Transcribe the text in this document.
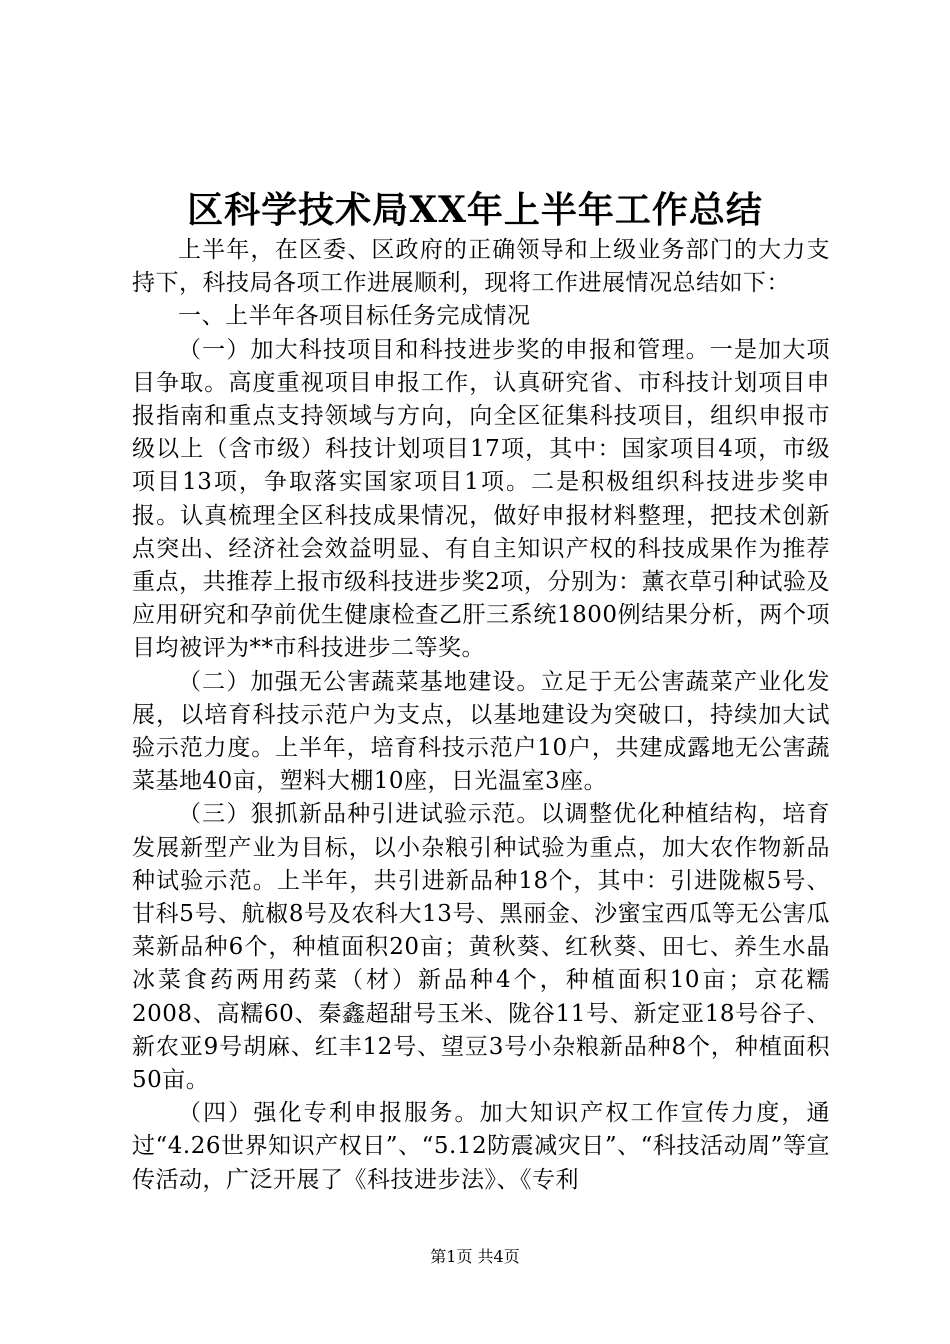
区科学技术局XX年上半年工作总结

上半年，在区委、区政府的正确领导和上级业务部门的大力支持下，科技局各项工作进展顺利，现将工作进展情况总结如下：

一、上半年各项目标任务完成情况

（一）加大科技项目和科技进步奖的申报和管理。一是加大项目争取。高度重视项目申报工作，认真研究省、市科技计划项目申报指南和重点支持领域与方向，向全区征集科技项目，组织申报市级以上（含市级）科技计划项目17项，其中：国家项目4项，市级项目13项，争取落实国家项目1项。二是积极组织科技进步奖申报。认真梳理全区科技成果情况，做好申报材料整理，把技术创新点突出、经济社会效益明显、有自主知识产权的科技成果作为推荐重点，共推荐上报市级科技进步奖2项，分别为：薰衣草引种试验及应用研究和孕前优生健康检查乙肝三系统1800例结果分析，两个项目均被评为**市科技进步二等奖。

（二）加强无公害蔬菜基地建设。立足于无公害蔬菜产业化发展，以培育科技示范户为支点，以基地建设为突破口，持续加大试验示范力度。上半年，培育科技示范户10户，共建成露地无公害蔬菜基地40亩，塑料大棚10座，日光温室3座。

（三）狠抓新品种引进试验示范。以调整优化种植结构，培育发展新型产业为目标，以小杂粮引种试验为重点，加大农作物新品种试验示范。上半年，共引进新品种18个，其中：引进陇椒5号、甘科5号、航椒8号及农科大13号、黑丽金、沙蜜宝西瓜等无公害瓜菜新品种6个，种植面积20亩；黄秋葵、红秋葵、田七、养生水晶冰菜食药两用药菜（材）新品种4个，种植面积10亩；京花糯2008、高糯60、秦鑫超甜号玉米、陇谷11号、新定亚18号谷子、新农亚9号胡麻、红丰12号、望豆3号小杂粮新品种8个，种植面积50亩。

（四）强化专利申报服务。加大知识产权工作宣传力度，通过“4.26世界知识产权日”、“5.12防震减灾日”、“科技活动周”等宣传活动，广泛开展了《科技进步法》、《专利

第1页 共4页
